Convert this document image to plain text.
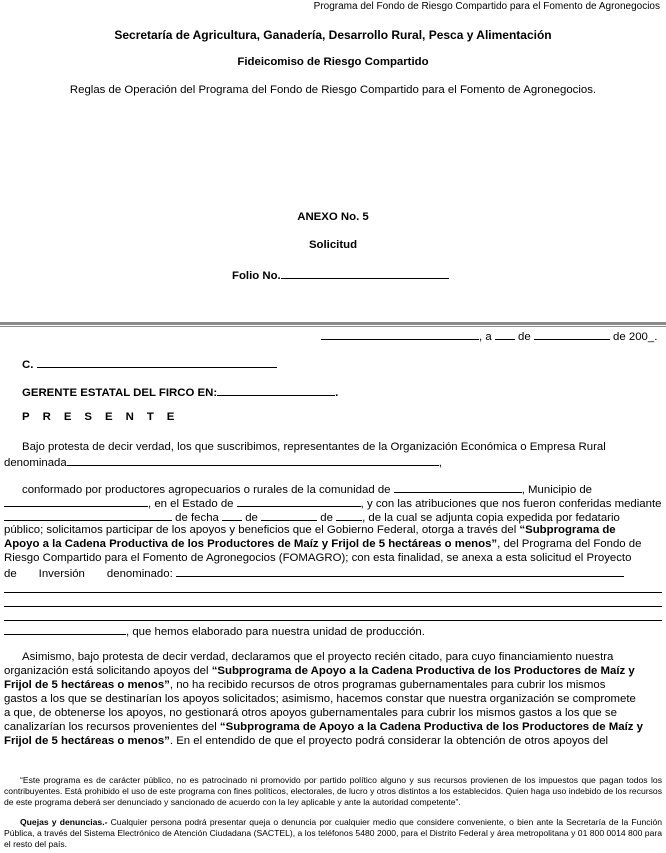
Programa del Fondo de Riesgo Compartido para el Fomento de Agronegocios
Secretaría de Agricultura, Ganadería, Desarrollo Rural, Pesca y Alimentación
Fideicomiso de Riesgo Compartido
Reglas de Operación del Programa del Fondo de Riesgo Compartido para el Fomento de Agronegocios.
ANEXO No. 5
Solicitud
Folio No.
, a de	de 200_.
C.
GERENTE ESTATAL DEL FIRCO EN:	.
PRESENTE
Bajo protesta de decir verdad, los que suscribimos, representantes de la Organización Económica o Empresa Rural
denominada	,
conformado por productores agropecuarios o rurales de la comunidad de	, Municipio de
, en el Estado de	, y con las atribuciones que nos fueron conferidas mediante
de fecha de	de	, de la cual se adjunta copia expedida por fedatario
público; solicitamos participar de los apoyos y beneficios que el Gobierno Federal, otorga a través del “Subprograma de
Apoyo a la Cadena Productiva de los Productores de Maíz y Frijol de 5 hectáreas o menos”, del Programa del Fondo de
Riesgo Compartido para el Fomento de Agronegocios (FOMAGRO); con esta finalidad, se anexa a esta solicitud el Proyecto
de Inversión denominado:
, que hemos elaborado para nuestra unidad de producción.
Asimismo, bajo protesta de decir verdad, declaramos que el proyecto recién citado, para cuyo financiamiento nuestra
organización está solicitando apoyos del “Subprograma de Apoyo a la Cadena Productiva de los Productores de Maíz y
Frijol de 5 hectáreas o menos”, no ha recibido recursos de otros programas gubernamentales para cubrir los mismos
gastos a los que se destinarían los apoyos solicitados; asimismo, hacemos constar que nuestra organización se compromete
a que, de obtenerse los apoyos, no gestionará otros apoyos gubernamentales para cubrir los mismos gastos a los que se
canalizarían los recursos provenientes del “Subprograma de Apoyo a la Cadena Productiva de los Productores de Maíz y
Frijol de 5 hectáreas o menos”. En el entendido de que el proyecto podrá considerar la obtención de otros apoyos del
“Este programa es de carácter público, no es patrocinado ni promovido por partido político alguno y sus recursos provienen de los impuestos que pagan todos los contribuyentes. Está prohibido el uso de este programa con fines políticos, electorales, de lucro y otros distintos a los establecidos. Quien haga uso indebido de los recursos de este programa deberá ser denunciado y sancionado de acuerdo con la ley aplicable y ante la autoridad competente”.
Quejas y denuncias.- Cualquier persona podrá presentar queja o denuncia por cualquier medio que considere conveniente, o bien ante la Secretaría de la Función Pública, a través del Sistema Electrónico de Atención Ciudadana (SACTEL), a los teléfonos 5480 2000, para el Distrito Federal y área metropolitana y 01 800 0014 800 para el resto del país.
